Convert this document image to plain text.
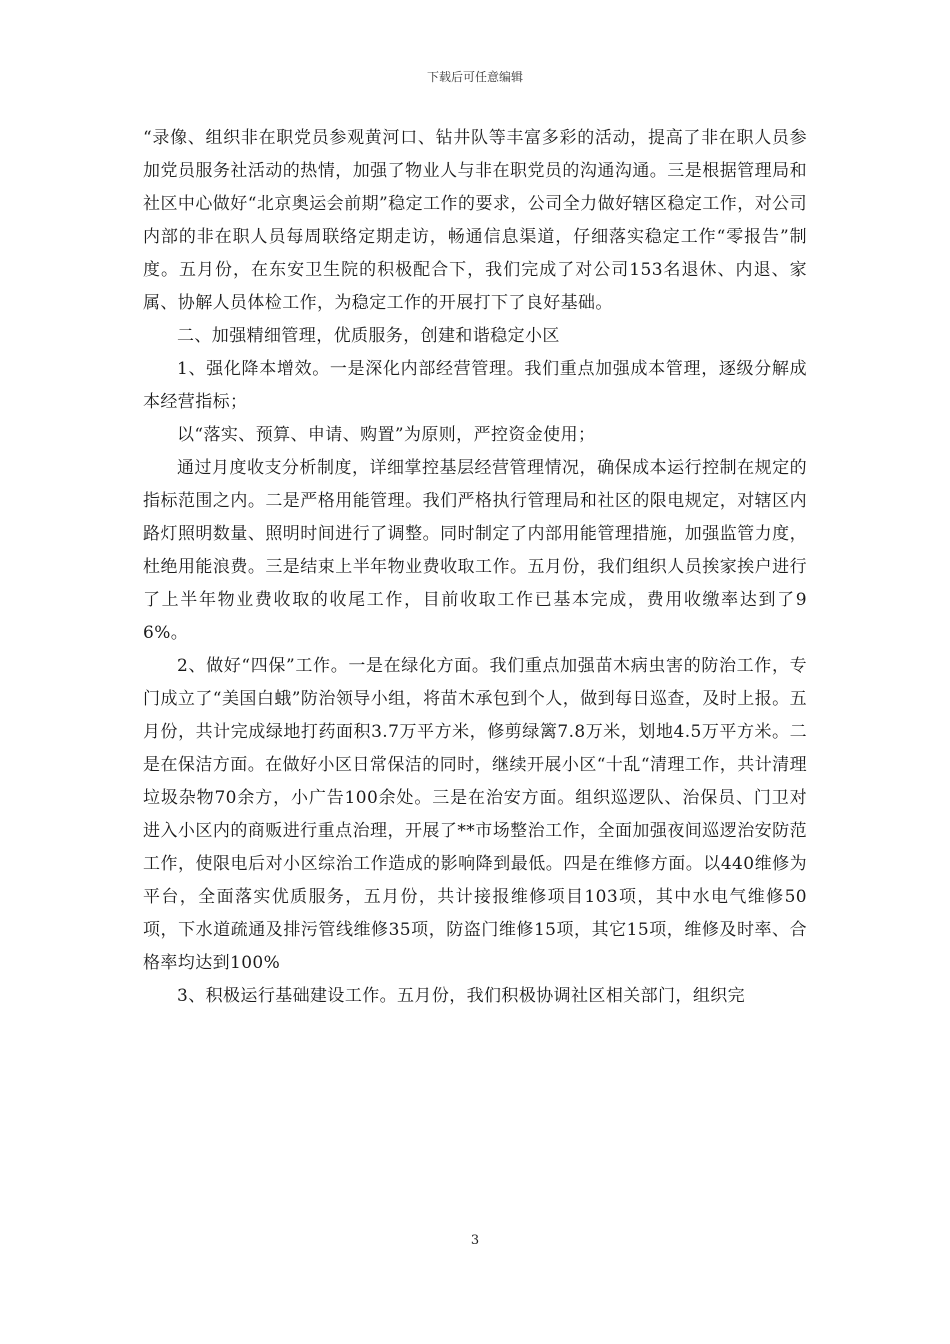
下载后可任意编辑

“录像、组织非在职党员参观黄河口、钻井队等丰富多彩的活动，提高了非在职人员参加党员服务社活动的热情，加强了物业人与非在职党员的沟通沟通。三是根据管理局和社区中心做好“北京奥运会前期”稳定工作的要求，公司全力做好辖区稳定工作，对公司内部的非在职人员每周联络定期走访，畅通信息渠道，仔细落实稳定工作“零报告”制度。五月份，在东安卫生院的积极配合下，我们完成了对公司153名退休、内退、家属、协解人员体检工作，为稳定工作的开展打下了良好基础。

二、加强精细管理，优质服务，创建和谐稳定小区

1、强化降本增效。一是深化内部经营管理。我们重点加强成本管理，逐级分解成本经营指标；

以“落实、预算、申请、购置”为原则，严控资金使用；

通过月度收支分析制度，详细掌控基层经营管理情况，确保成本运行控制在规定的指标范围之内。二是严格用能管理。我们严格执行管理局和社区的限电规定，对辖区内路灯照明数量、照明时间进行了调整。同时制定了内部用能管理措施，加强监管力度，杜绝用能浪费。三是结束上半年物业费收取工作。五月份，我们组织人员挨家挨户进行了上半年物业费收取的收尾工作，目前收取工作已基本完成，费用收缴率达到了96%。

2、做好“四保”工作。一是在绿化方面。我们重点加强苗木病虫害的防治工作，专门成立了“美国白蛾”防治领导小组，将苗木承包到个人，做到每日巡查，及时上报。五月份，共计完成绿地打药面积3.7万平方米，修剪绿篱7.8万米，划地4.5万平方米。二是在保洁方面。在做好小区日常保洁的同时，继续开展小区“十乱“清理工作，共计清理垃圾杂物70余方，小广告100余处。三是在治安方面。组织巡逻队、治保员、门卫对进入小区内的商贩进行重点治理，开展了**市场整治工作，全面加强夜间巡逻治安防范工作，使限电后对小区综治工作造成的影响降到最低。四是在维修方面。以440维修为平台，全面落实优质服务，五月份，共计接报维修项目103项，其中水电气维修50项，下水道疏通及排污管线维修35项，防盗门维修15项，其它15项，维修及时率、合格率均达到100%

3、积极运行基础建设工作。五月份，我们积极协调社区相关部门，组织完

3
